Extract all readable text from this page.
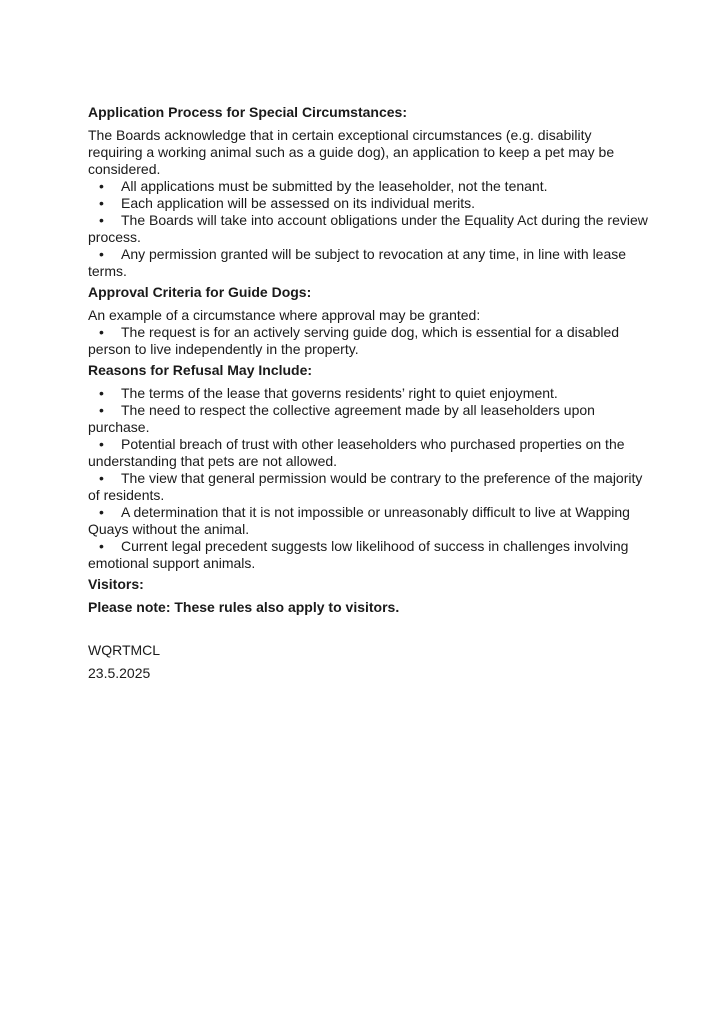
Application Process for Special Circumstances:

The Boards acknowledge that in certain exceptional circumstances (e.g. disability requiring a working animal such as a guide dog), an application to keep a pet may be considered.

• All applications must be submitted by the leaseholder, not the tenant.
• Each application will be assessed on its individual merits.
• The Boards will take into account obligations under the Equality Act during the review process.
• Any permission granted will be subject to revocation at any time, in line with lease terms.
Approval Criteria for Guide Dogs:

An example of a circumstance where approval may be granted:

• The request is for an actively serving guide dog, which is essential for a disabled person to live independently in the property.
Reasons for Refusal May Include:
• The terms of the lease that governs residents’ right to quiet enjoyment.
• The need to respect the collective agreement made by all leaseholders upon purchase.
• Potential breach of trust with other leaseholders who purchased properties on the understanding that pets are not allowed.
• The view that general permission would be contrary to the preference of the majority of residents.
• A determination that it is not impossible or unreasonably difficult to live at Wapping Quays without the animal.
• Current legal precedent suggests low likelihood of success in challenges involving emotional support animals.
Visitors:

Please note: These rules also apply to visitors.

WQRTMCL
23.5.2025
